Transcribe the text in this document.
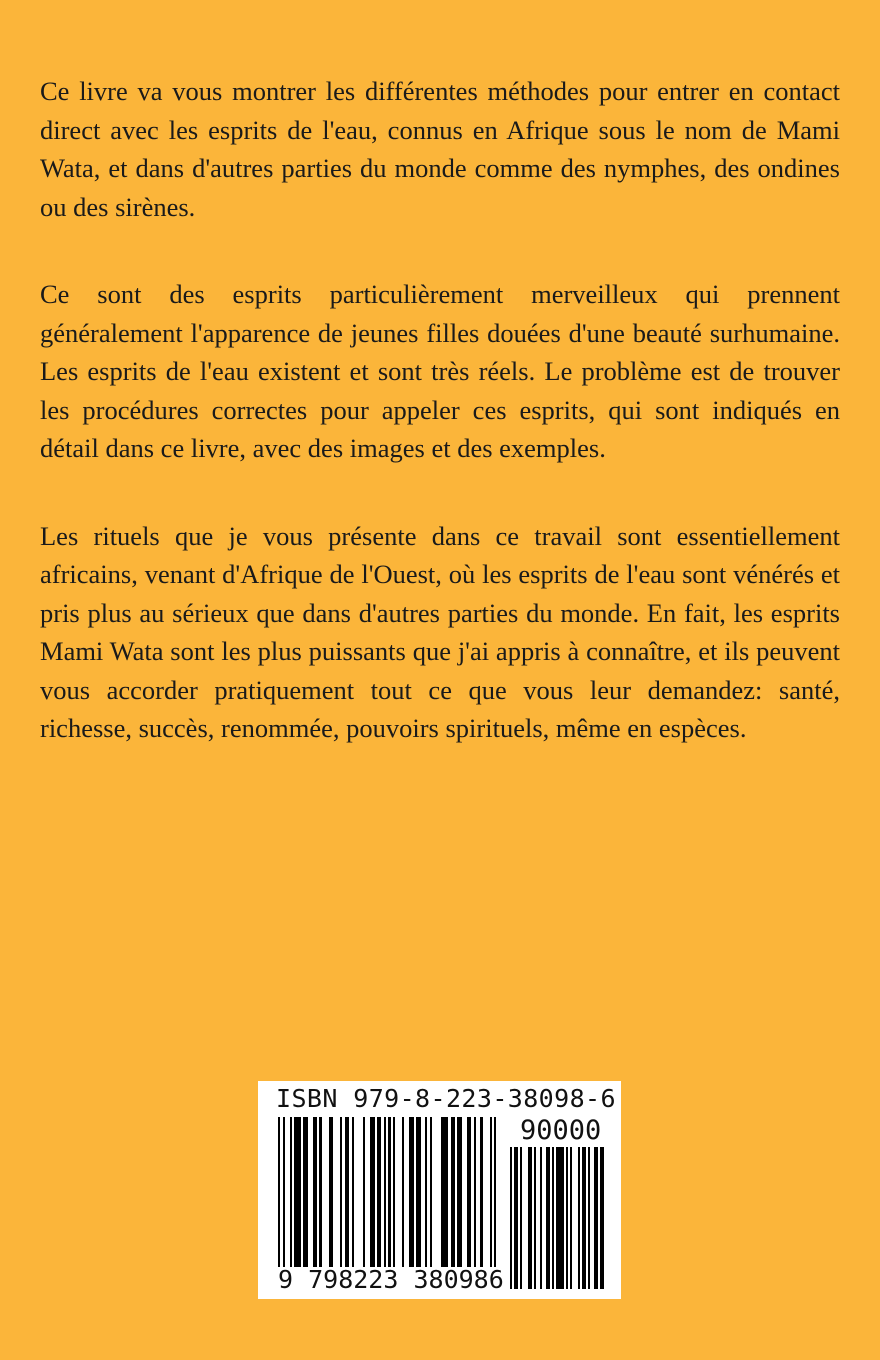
Ce livre va vous montrer les différentes méthodes pour entrer en contact direct avec les esprits de l'eau, connus en Afrique sous le nom de Mami Wata, et dans d'autres parties du monde comme des nymphes, des ondines ou des sirènes.

Ce sont des esprits particulièrement merveilleux qui prennent généralement l'apparence de jeunes filles douées d'une beauté surhumaine. Les esprits de l'eau existent et sont très réels. Le problème est de trouver les procédures correctes pour appeler ces esprits, qui sont indiqués en détail dans ce livre, avec des images et des exemples.

Les rituels que je vous présente dans ce travail sont essentiellement africains, venant d'Afrique de l'Ouest, où les esprits de l'eau sont vénérés et pris plus au sérieux que dans d'autres parties du monde. En fait, les esprits Mami Wata sont les plus puissants que j'ai appris à connaître, et ils peuvent vous accorder pratiquement tout ce que vous leur demandez: santé, richesse, succès, renommée, pouvoirs spirituels, même en espèces.

ISBN 979-8-223-38098-6
90000
9 798223 380986
